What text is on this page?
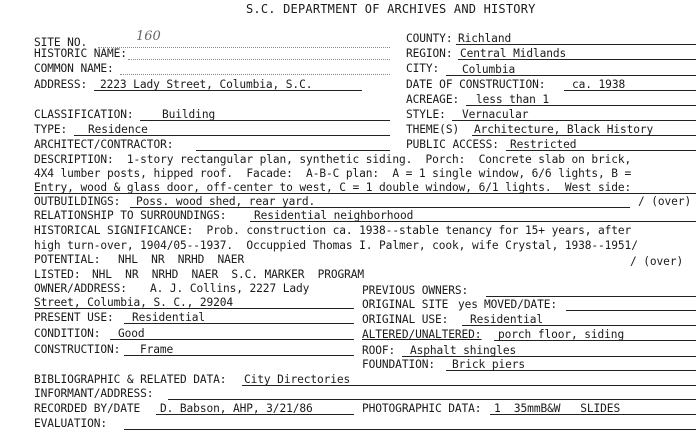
S.C. DEPARTMENT OF ARCHIVES AND HISTORY
SITE NO.	160	COUNTY: Richland
HISTORIC NAME:	REGION: Central Midlands
COMMON NAME:	CITY: Columbia
ADDRESS: 2223 Lady Street, Columbia, S.C.	DATE OF CONSTRUCTION: ca. 1938
ACREAGE: less than 1
CLASSIFICATION:	Building	STYLE: Vernacular
TYPE: Residence	THEME(S) Architecture, Black History
ARCHITECT/CONTRACTOR:	PUBLIC ACCESS: Restricted
DESCRIPTION:  1-story rectangular plan, synthetic siding.  Porch:  Concrete slab on brick,
4X4 lumber posts, hipped roof.  Facade:  A-B-C plan:  A = 1 single window, 6/6 lights, B =
Entry, wood & glass door, off-center to west, C = 1 double window, 6/1 lights.  West side:
OUTBUILDINGS: Poss. wood shed, rear yard.	/ (over)
RELATIONSHIP TO SURROUNDINGS: Residential neighborhood
HISTORICAL SIGNIFICANCE:  Prob. construction ca. 1938--stable tenancy for 15+ years, after
high turn-over, 1904/05--1937.  Occuppied Thomas I. Palmer, cook, wife Crystal, 1938--1951/
POTENTIAL: NHL  NR  NRHD  NAER	/ (over)
LISTED: NHL  NR  NRHD  NAER  S.C. MARKER  PROGRAM
OWNER/ADDRESS: A. J. Collins, 2227 Lady	PREVIOUS OWNERS:
Street, Columbia, S. C., 29204	ORIGINAL SITE yes MOVED/DATE:
PRESENT USE: Residential	ORIGINAL USE: Residential
CONDITION: Good	ALTERED/UNALTERED: porch floor, siding
CONSTRUCTION: Frame	ROOF: Asphalt shingles
FOUNDATION: Brick piers
BIBLIOGRAPHIC & RELATED DATA: City Directories
INFORMANT/ADDRESS:
RECORDED BY/DATE D. Babson, AHP, 3/21/86	PHOTOGRAPHIC DATA: 1  35mmB&W   SLIDES
EVALUATION:
